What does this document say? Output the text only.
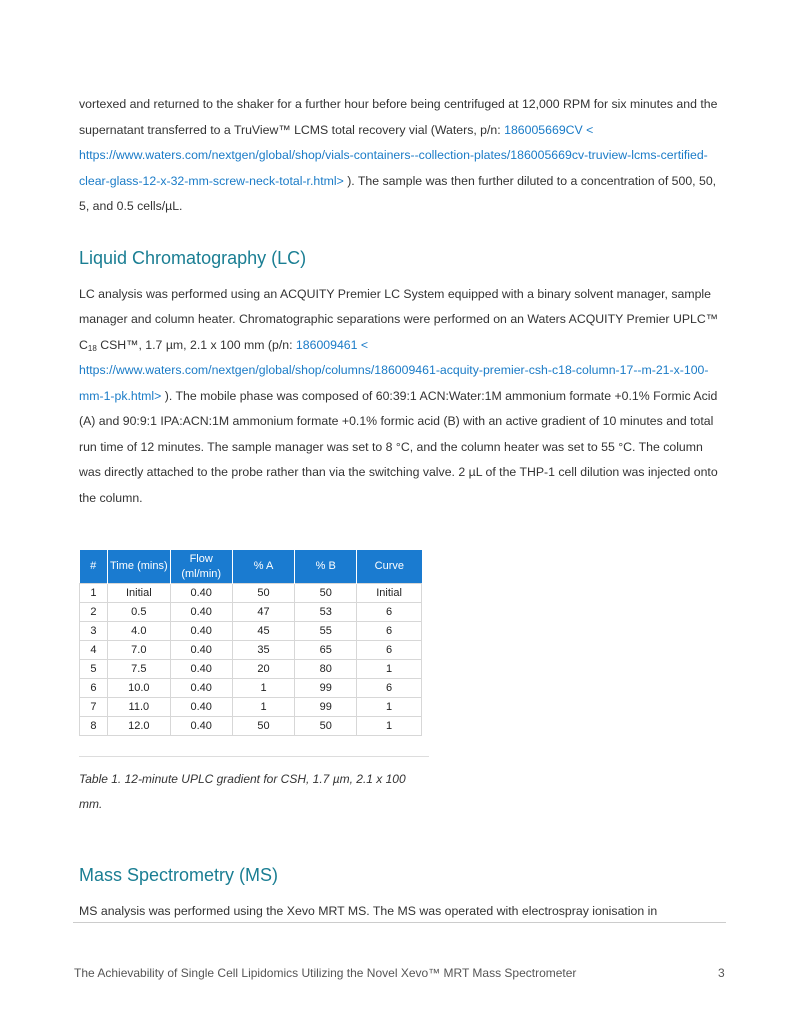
vortexed and returned to the shaker for a further hour before being centrifuged at 12,000 RPM for six minutes and the supernatant transferred to a TruView™ LCMS total recovery vial (Waters, p/n: 186005669CV < https://www.waters.com/nextgen/global/shop/vials-containers--collection-plates/186005669cv-truview-lcms-certified-clear-glass-12-x-32-mm-screw-neck-total-r.html> ). The sample was then further diluted to a concentration of 500, 50, 5, and 0.5 cells/µL.

Liquid Chromatography (LC)

LC analysis was performed using an ACQUITY Premier LC System equipped with a binary solvent manager, sample manager and column heater. Chromatographic separations were performed on an Waters ACQUITY Premier UPLC™ $C_{18}$ CSH™, 1.7 µm, 2.1 x 100 mm (p/n: 186009461 < https://www.waters.com/nextgen/global/shop/columns/186009461-acquity-premier-csh-c18-column-17--m-21-x-100-mm-1-pk.html> ). The mobile phase was composed of 60:39:1 ACN:Water:1M ammonium formate +0.1% Formic Acid (A) and 90:9:1 IPA:ACN:1M ammonium formate +0.1% formic acid (B) with an active gradient of 10 minutes and total run time of 12 minutes. The sample manager was set to 8 °C, and the column heater was set to 55 °C. The column was directly attached to the probe rather than via the switching valve. 2 µL of the THP-1 cell dilution was injected onto the column.

#	Time (mins)	Flow (ml/min)	% A	% B	Curve
1	Initial	0.40	50	50	Initial
2	0.5	0.40	47	53	6
3	4.0	0.40	45	55	6
4	7.0	0.40	35	65	6
5	7.5	0.40	20	80	1
6	10.0	0.40	1	99	6
7	11.0	0.40	1	99	1
8	12.0	0.40	50	50	1
Table 1. 12-minute UPLC gradient for CSH, 1.7 µm, 2.1 x 100 mm.
Mass Spectrometry (MS)

MS analysis was performed using the Xevo MRT MS. The MS was operated with electrospray ionisation in

The Achievability of Single Cell Lipidomics Utilizing the Novel Xevo™ MRT Mass Spectrometer	3
